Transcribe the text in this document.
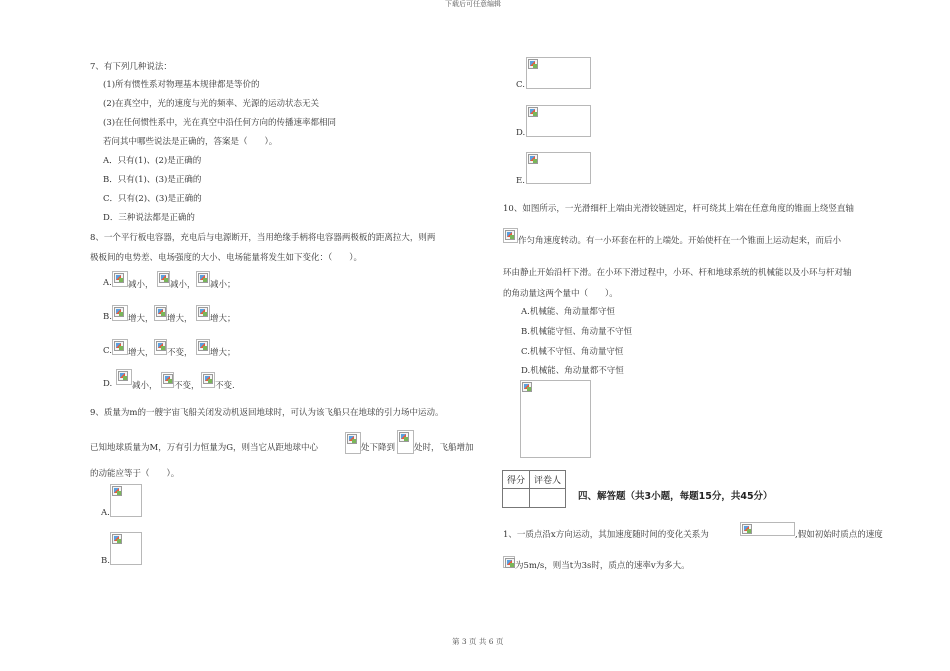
下载后可任意编辑
第 3 页 共 6 页
7、有下列几种说法：
(1)所有惯性系对物理基本规律都是等价的
(2)在真空中，光的速度与光的频率、光源的运动状态无关
(3)在任何惯性系中，光在真空中沿任何方向的传播速率都相同
若问其中哪些说法是正确的，答案是（　　）。
A．只有(1)、(2)是正确的
B．只有(1)、(3)是正确的
C．只有(2)、(3)是正确的
D．三种说法都是正确的
8、一个平行板电容器，充电后与电源断开，当用绝缘手柄将电容器两极板的距离拉大，则两
极板间的电势差、电场强度的大小、电场能量将发生如下变化：（　　）。
A. 减小， 减小， 减小；
B. 增大， 增大， 增大；
C. 增大， 不变， 增大；
D. 减小， 不变， 不变.
9、质量为m的一艘宇宙飞船关闭发动机返回地球时，可认为该飞船只在地球的引力场中运动。
已知地球质量为M，万有引力恒量为G，则当它从距地球中心	处下降到 处时，飞船增加
的动能应等于（　　）。
A.
B.
C.
D.
E.
10、如图所示，一光滑细杆上端由光滑铰链固定，杆可绕其上端在任意角度的锥面上绕竖直轴
作匀角速度转动。有一小环套在杆的上端处。开始使杆在一个锥面上运动起来，而后小
环由静止开始沿杆下滑。在小环下滑过程中，小环、杆和地球系统的机械能以及小环与杆对轴
的角动量这两个量中（　　）。
A.机械能、角动量都守恒
B.机械能守恒、角动量不守恒
C.机械不守恒、角动量守恒
D.机械能、角动量都不守恒
得分	评卷人

四、解答题（共3小题，每题15分，共45分）
1、一质点沿x方向运动，其加速度随时间的变化关系为	,假如初始时质点的速度
为5m/s，则当t为3s时，质点的速率v为多大。
